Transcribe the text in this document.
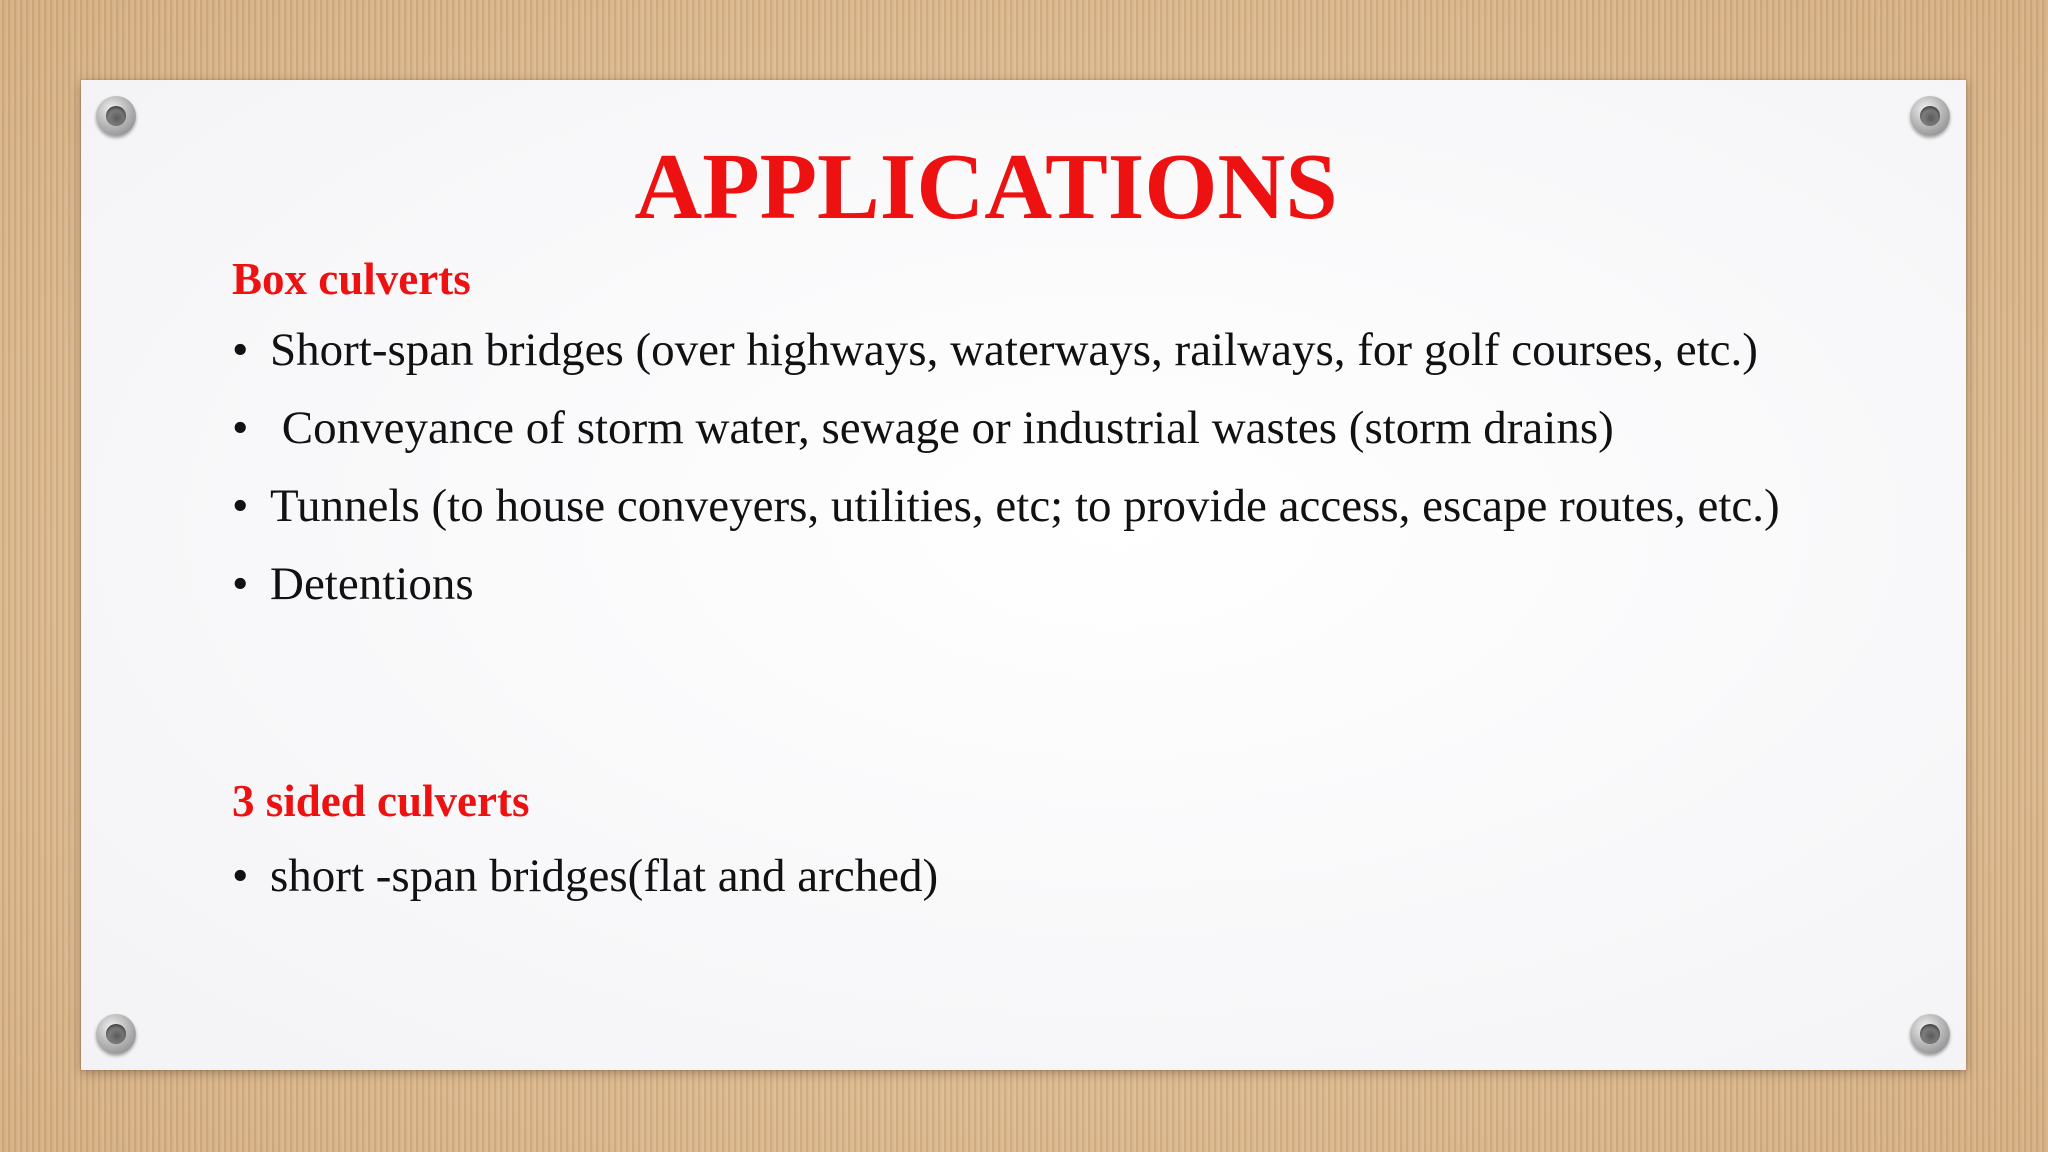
APPLICATIONS
Box culverts
• Short-span bridges (over highways, waterways, railways, for golf courses, etc.)
• Conveyance of storm water, sewage or industrial wastes (storm drains)
• Tunnels (to house conveyers, utilities, etc; to provide access, escape routes, etc.)
• Detentions
3 sided culverts
• short -span bridges(flat and arched)
